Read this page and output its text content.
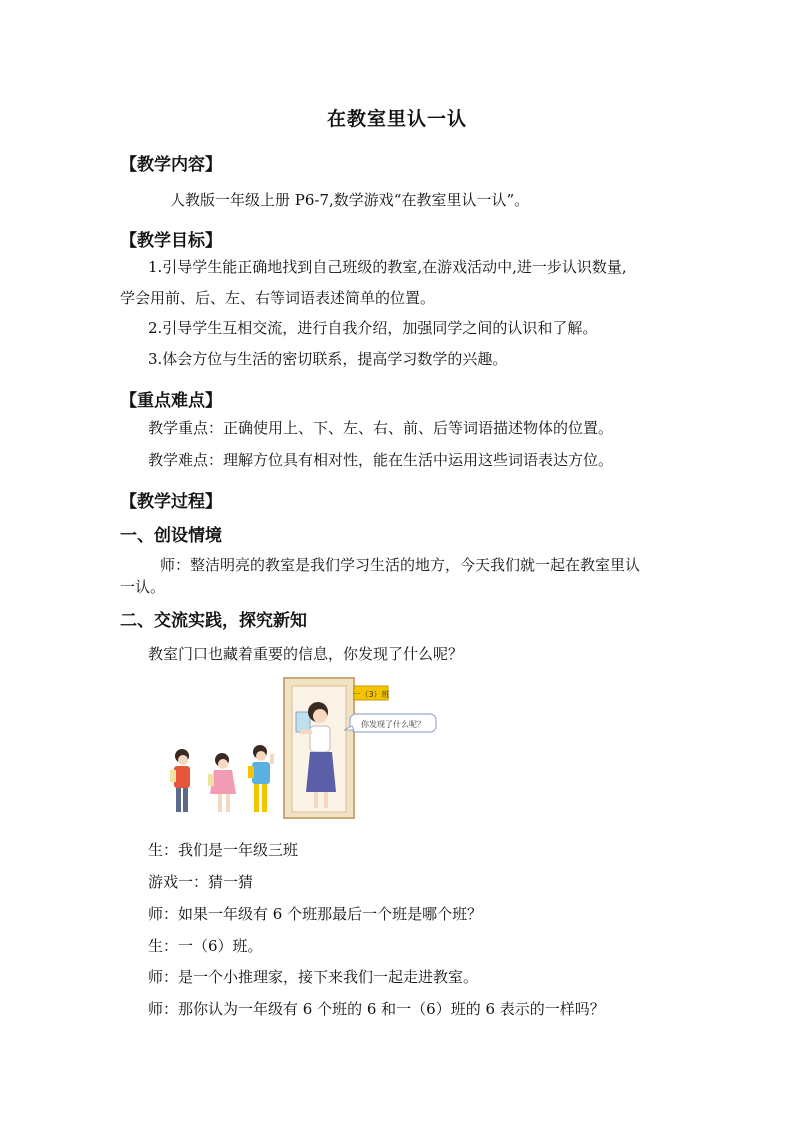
在教室里认一认
【教学内容】
人教版一年级上册 P6-7,数学游戏“在教室里认一认”。
【教学目标】
1.引导学生能正确地找到自己班级的教室,在游戏活动中,进一步认识数量,
学会用前、后、左、右等词语表述简单的位置。
2.引导学生互相交流，进行自我介绍，加强同学之间的认识和了解。
3.体会方位与生活的密切联系，提高学习数学的兴趣。
【重点难点】
教学重点：正确使用上、下、左、右、前、后等词语描述物体的位置。
教学难点：理解方位具有相对性，能在生活中运用这些词语表达方位。
【教学过程】
一、创设情境
师：整洁明亮的教室是我们学习生活的地方，今天我们就一起在教室里认
一认。
二、交流实践，探究新知
教室门口也藏着重要的信息，你发现了什么呢？
一（3）班
你发现了什么呢？
生：我们是一年级三班
游戏一：猜一猜
师：如果一年级有 6 个班那最后一个班是哪个班？
生：一（6）班。
师：是一个小推理家，接下来我们一起走进教室。
师：那你认为一年级有 6 个班的 6 和一（6）班的 6 表示的一样吗？
